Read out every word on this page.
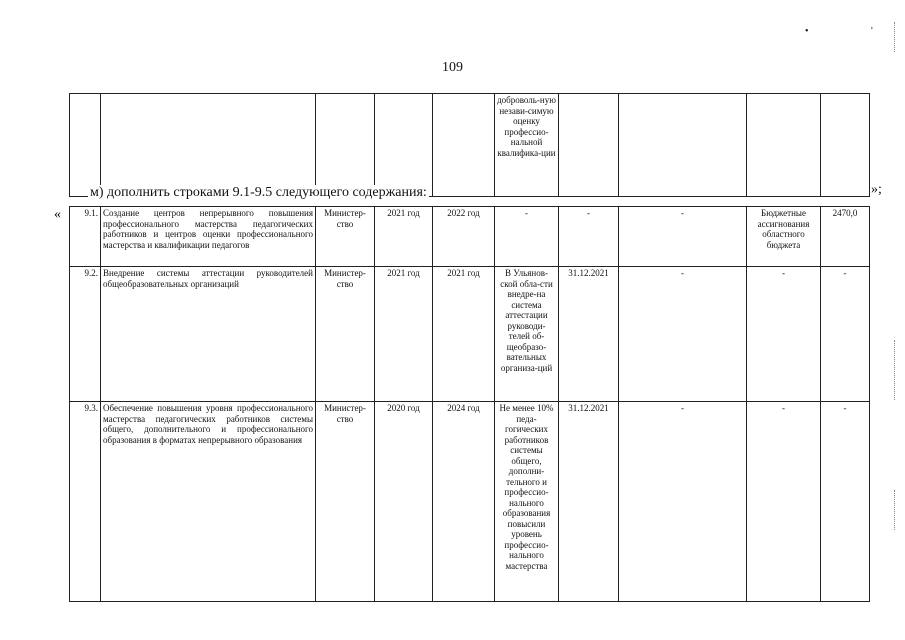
109
• '
					доброволь-ную незави-симую оценку профессио-нальной квалифика-ции				
м) дополнить строками 9.1-9.5 следующего содержания:
«
»;
9.1.	Создание центров непрерывного повышения профессионального мастерства педагогических работников и центров оценки профессионального мастерства и квалификации педагогов	Министер-ство	2021 год	2022 год	-	-	-	Бюджетные ассигнования областного бюджета	2470,0
9.2.	Внедрение системы аттестации руководителей общеобразовательных организаций	Министер-ство	2021 год	2021 год	В Ульянов-ской обла-сти внедре-на система аттестации руководи-телей об-щеобразо-вательных организа-ций	31.12.2021	-	-	-
9.3.	Обеспечение повышения уровня профессионального мастерства педагогических работников системы общего, дополнительного и профессионального образования в форматах непрерывного образования	Министер-ство	2020 год	2024 год	Не менее 10% педа-гогических работников системы общего, дополни-тельного и профессио-нального образования повысили уровень профессио-нального мастерства	31.12.2021	-	-	-
